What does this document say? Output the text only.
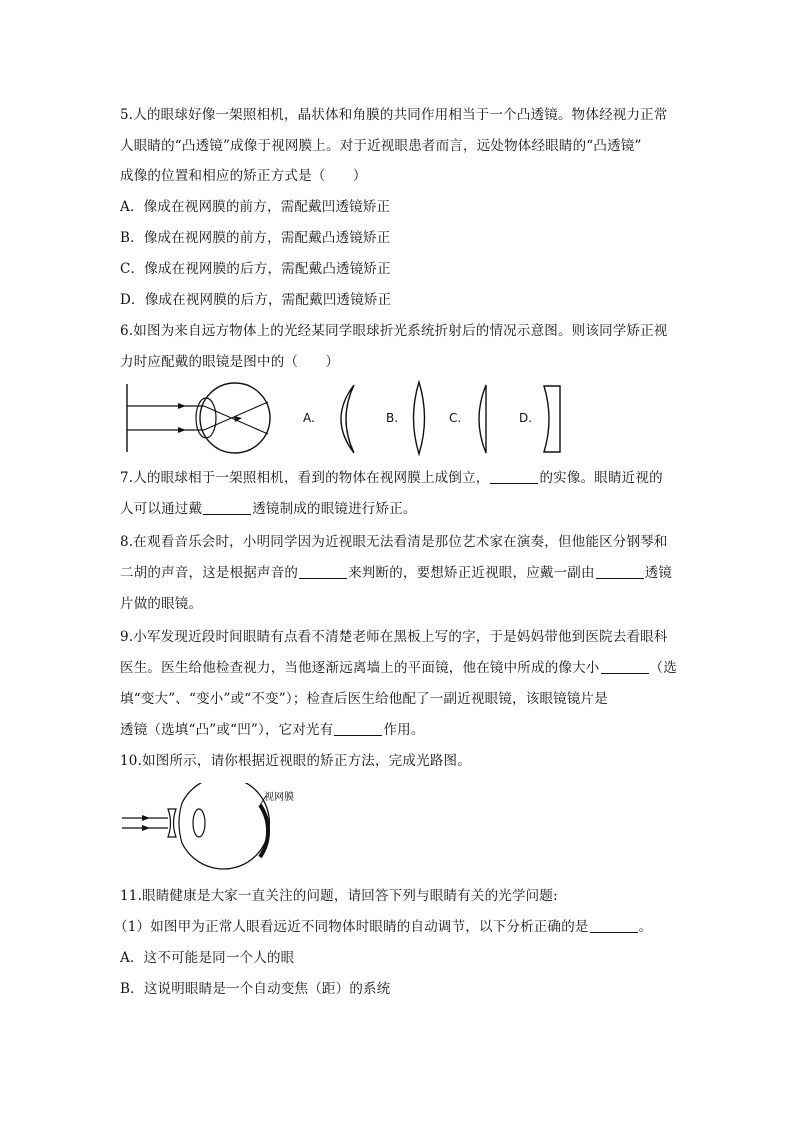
5.人的眼球好像一架照相机，晶状体和角膜的共同作用相当于一个凸透镜。物体经视力正常
人眼睛的“凸透镜”成像于视网膜上。对于近视眼患者而言，远处物体经眼睛的“凸透镜”
成像的位置和相应的矫正方式是（　　）
A．像成在视网膜的前方，需配戴凹透镜矫正
B．像成在视网膜的前方，需配戴凸透镜矫正
C．像成在视网膜的后方，需配戴凸透镜矫正
D．像成在视网膜的后方，需配戴凹透镜矫正
6.如图为来自远方物体上的光经某同学眼球折光系统折射后的情况示意图。则该同学矫正视
力时应配戴的眼镜是图中的（　　）
A.	B.	C.	D.
7.人的眼球相于一架照相机，看到的物体在视网膜上成倒立，	的实像。眼睛近视的
人可以通过戴	透镜制成的眼镜进行矫正。
8.在观看音乐会时，小明同学因为近视眼无法看清是那位艺术家在演奏，但他能区分钢琴和
二胡的声音，这是根据声音的	来判断的，要想矫正近视眼，应戴一副由	透镜
片做的眼镜。
9.小军发现近段时间眼睛有点看不清楚老师在黑板上写的字，于是妈妈带他到医院去看眼科
医生。医生给他检查视力，当他逐渐远离墙上的平面镜，他在镜中所成的像大小	（选
填“变大”、“变小”或“不变”）；检查后医生给他配了一副近视眼镜，该眼镜镜片是
透镜（选填“凸”或“凹”），它对光有	作用。
10.如图所示，请你根据近视眼的矫正方法，完成光路图。
视网膜
11.眼睛健康是大家一直关注的问题，请回答下列与眼睛有关的光学问题:
（1）如图甲为正常人眼看远近不同物体时眼睛的自动调节，以下分析正确的是	。
A．这不可能是同一个人的眼
B．这说明眼睛是一个自动变焦（距）的系统
